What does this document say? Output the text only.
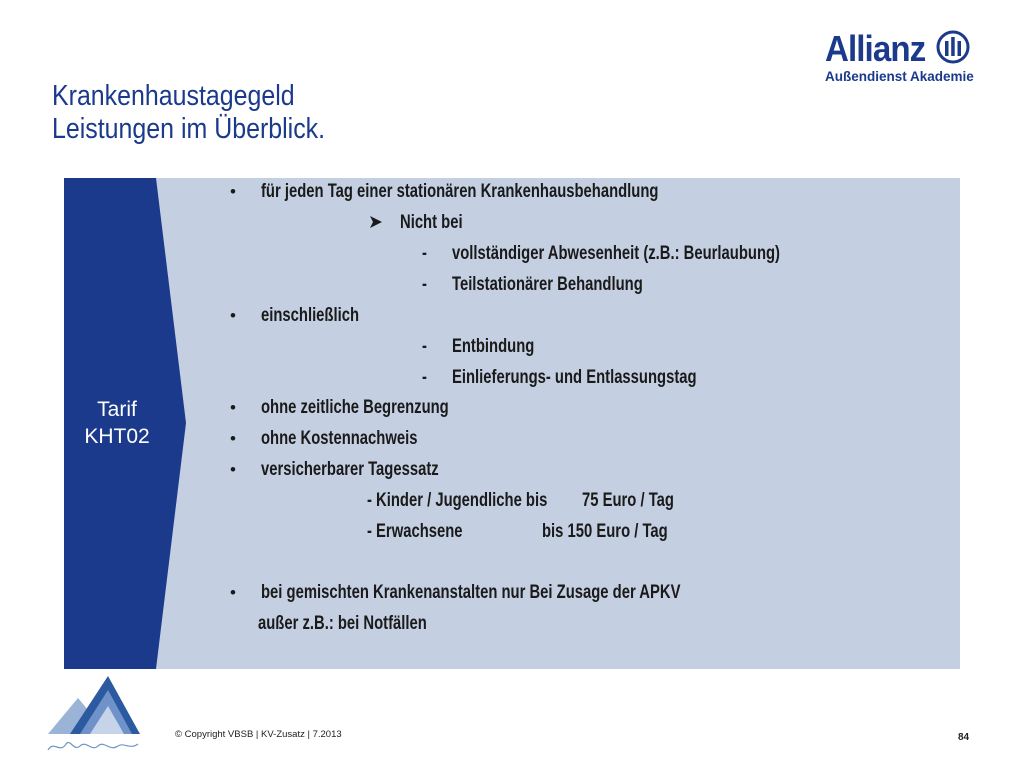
Krankenhaustagegeld
Leistungen im Überblick.
Allianz
Außendienst Akademie
Tarif
KHT02
• für jeden Tag einer stationären Krankenhausbehandlung
Nicht bei
- vollständiger Abwesenheit (z.B.: Beurlaubung)
- Teilstationärer Behandlung
• einschließlich
- Entbindung
- Einlieferungs- und Entlassungstag
• ohne zeitliche Begrenzung
• ohne Kostennachweis
• versicherbarer Tagessatz
- Kinder / Jugendliche bis 75 Euro / Tag
- Erwachsene	bis 150 Euro / Tag
• bei gemischten Krankenanstalten nur Bei Zusage der APKV
außer z.B.: bei Notfällen
© Copyright VBSB | KV-Zusatz | 7.2013	84
